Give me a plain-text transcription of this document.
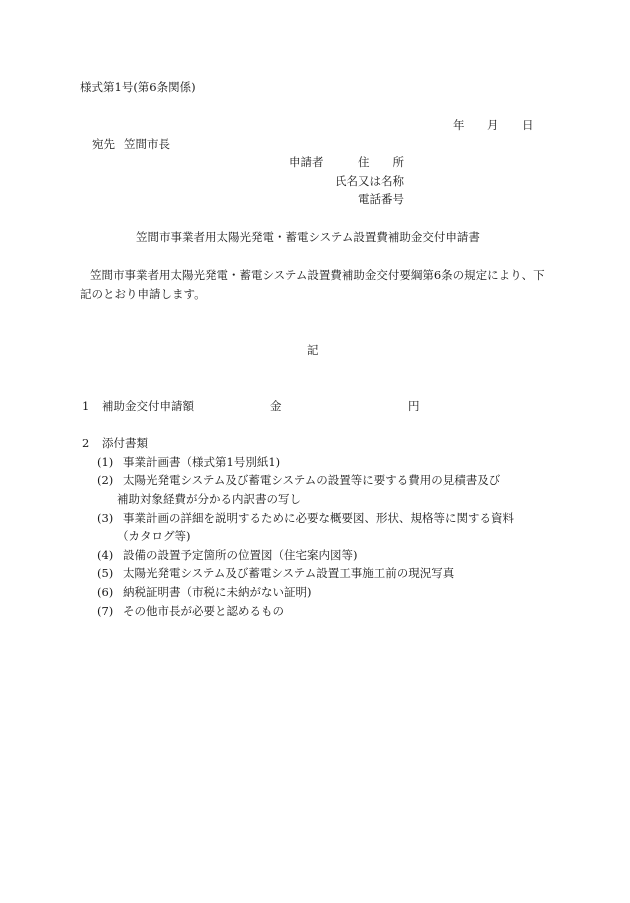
様式第1号(第6条関係)
年 月 日
宛先 笠間市長
申請者	住　　所
氏名又は名称
電話番号
笠間市事業者用太陽光発電・蓄電システム設置費補助金交付申請書
笠間市事業者用太陽光発電・蓄電システム設置費補助金交付要綱第6条の規定により、下
記のとおり申請します。
記
1 補助金交付申請額	金	円
2 添付書類
(1) 事業計画書（様式第1号別紙1)
(2) 太陽光発電システム及び蓄電システムの設置等に要する費用の見積書及び
補助対象経費が分かる内訳書の写し
(3) 事業計画の詳細を説明するために必要な概要図、形状、規格等に関する資料
（カタログ等)
(4) 設備の設置予定箇所の位置図（住宅案内図等)
(5) 太陽光発電システム及び蓄電システム設置工事施工前の現況写真
(6) 納税証明書（市税に未納がない証明)
(7) その他市長が必要と認めるもの
